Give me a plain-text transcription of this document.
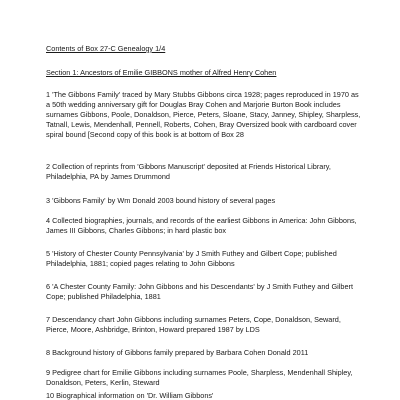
Contents of Box 27-C Genealogy 1/4
Section 1: Ancestors of Emilie GIBBONS mother of Alfred Henry Cohen

1 'The Gibbons Family' traced by Mary Stubbs Gibbons circa 1928; pages reproduced in 1970 as a 50th wedding anniversary gift for Douglas Bray Cohen and Marjorie Burton Book includes surnames Gibbons, Poole, Donaldson, Pierce, Peters, Sloane, Stacy, Janney, Shipley, Sharpless, Tatnall, Lewis, Mendenhall, Pennell, Roberts, Cohen, Bray Oversized book with cardboard cover spiral bound [Second copy of this book is at bottom of Box 28

2 Collection of reprints from 'Gibbons Manuscript' deposited at Friends Historical Library, Philadelphia, PA by James Drummond

3 'Gibbons Family' by Wm Donald 2003 bound history of several pages

4 Collected biographies, journals, and records of the earliest Gibbons in America: John Gibbons, James III Gibbons, Charles Gibbons; in hard plastic box

5 'History of Chester County Pennsylvania' by J Smith Futhey and Gilbert Cope; published Philadelphia, 1881; copied pages relating to John Gibbons

6 'A Chester County Family: John Gibbons and his Descendants' by J Smith Futhey and Gilbert Cope; published Philadelphia, 1881

7 Descendancy chart John Gibbons including surnames Peters, Cope, Donaldson, Seward, Pierce, Moore, Ashbridge, Brinton, Howard prepared 1987 by LDS

8 Background history of Gibbons family prepared by Barbara Cohen Donald 2011

9 Pedigree chart for Emilie Gibbons including surnames Poole, Sharpless, Mendenhall Shipley, Donaldson, Peters, Kerlin, Steward

10 Biographical information on 'Dr. William Gibbons'
